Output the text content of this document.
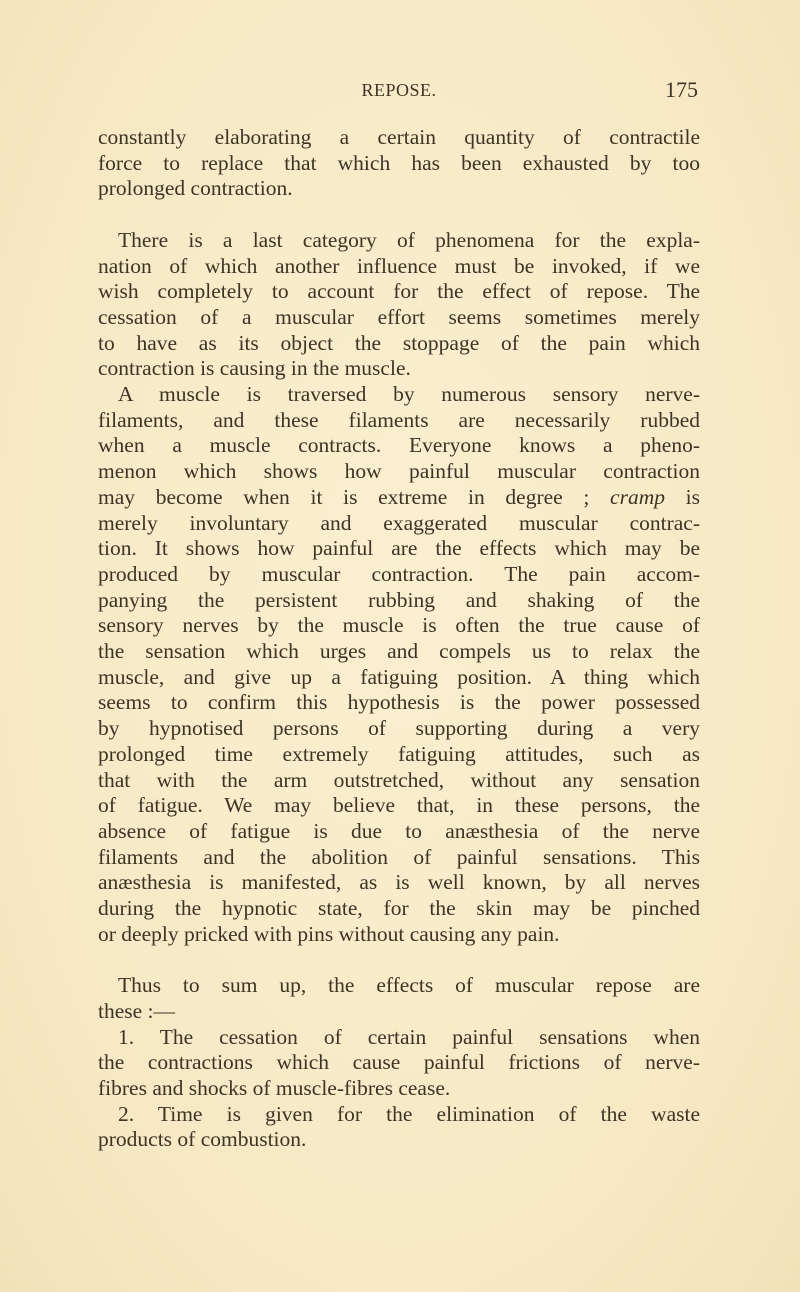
REPOSE.	175
constantly elaborating a certain quantity of contractile
force to replace that which has been exhausted by too
prolonged contraction.
There is a last category of phenomena for the expla-
nation of which another influence must be invoked, if we
wish completely to account for the effect of repose. The
cessation of a muscular effort seems sometimes merely
to have as its object the stoppage of the pain which
contraction is causing in the muscle.
A muscle is traversed by numerous sensory nerve-
filaments, and these filaments are necessarily rubbed
when a muscle contracts. Everyone knows a pheno-
menon which shows how painful muscular contraction
may become when it is extreme in degree ; cramp is
merely involuntary and exaggerated muscular contrac-
tion. It shows how painful are the effects which may be
produced by muscular contraction. The pain accom-
panying the persistent rubbing and shaking of the
sensory nerves by the muscle is often the true cause of
the sensation which urges and compels us to relax the
muscle, and give up a fatiguing position. A thing which
seems to confirm this hypothesis is the power possessed
by hypnotised persons of supporting during a very
prolonged time extremely fatiguing attitudes, such as
that with the arm outstretched, without any sensation
of fatigue. We may believe that, in these persons, the
absence of fatigue is due to anæsthesia of the nerve
filaments and the abolition of painful sensations. This
anæsthesia is manifested, as is well known, by all nerves
during the hypnotic state, for the skin may be pinched
or deeply pricked with pins without causing any pain.
Thus to sum up, the effects of muscular repose are
these :—
1. The cessation of certain painful sensations when
the contractions which cause painful frictions of nerve-
fibres and shocks of muscle-fibres cease.
2. Time is given for the elimination of the waste
products of combustion.
